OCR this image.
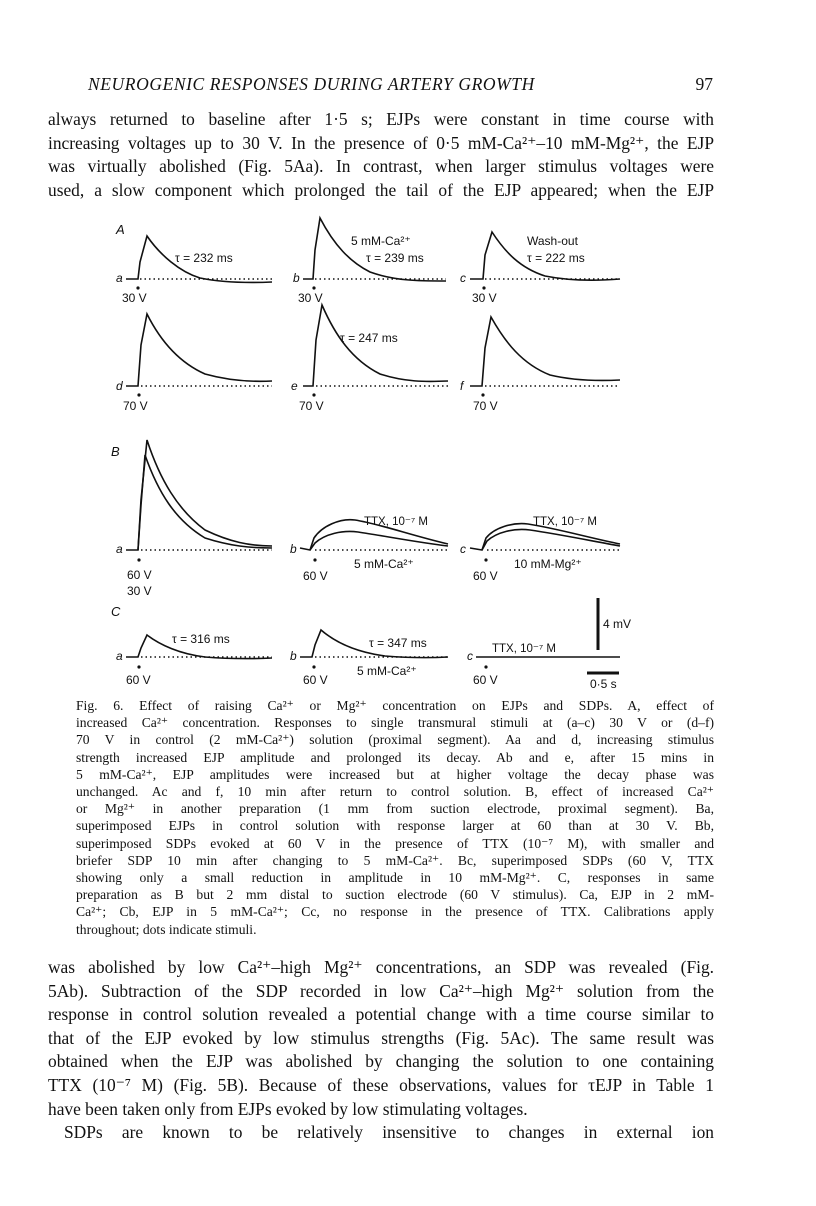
NEUROGENIC RESPONSES DURING ARTERY GROWTH	97

always returned to baseline after 1·5 s; EJPs were constant in time course with
increasing voltages up to 30 V. In the presence of 0·5 mM-Ca²⁺–10 mM-Mg²⁺, the EJP
was virtually abolished (Fig. 5Aa). In contrast, when larger stimulus voltages were
used, a slow component which prolonged the tail of the EJP appeared; when the EJP

A
B
C
a
τ = 232 ms
30 V
b
5 mM-Ca²⁺
τ = 239 ms
30 V
c
Wash-out
τ = 222 ms
30 V
d
70 V
e
τ = 247 ms
70 V
f
70 V
a
60 V
30 V
b
TTX, 10⁻⁷ M
5 mM-Ca²⁺
60 V
c
TTX, 10⁻⁷ M
10 mM-Mg²⁺
60 V
a
τ = 316 ms
60 V
b
τ = 347 ms
5 mM-Ca²⁺
60 V
c TTX, 10⁻⁷ M
60 V
4 mV
0·5 s

Fig. 6. Effect of raising Ca²⁺ or Mg²⁺ concentration on EJPs and SDPs. A, effect of
increased Ca²⁺ concentration. Responses to single transmural stimuli at (a–c) 30 V or (d–f)
70 V in control (2 mM-Ca²⁺) solution (proximal segment). Aa and d, increasing stimulus
strength increased EJP amplitude and prolonged its decay. Ab and e, after 15 mins in
5 mM-Ca²⁺, EJP amplitudes were increased but at higher voltage the decay phase was
unchanged. Ac and f, 10 min after return to control solution. B, effect of increased Ca²⁺
or Mg²⁺ in another preparation (1 mm from suction electrode, proximal segment). Ba,
superimposed EJPs in control solution with response larger at 60 than at 30 V. Bb,
superimposed SDPs evoked at 60 V in the presence of TTX (10⁻⁷ M), with smaller and
briefer SDP 10 min after changing to 5 mM-Ca²⁺. Bc, superimposed SDPs (60 V, TTX
showing only a small reduction in amplitude in 10 mM-Mg²⁺. C, responses in same
preparation as B but 2 mm distal to suction electrode (60 V stimulus). Ca, EJP in 2 mM-
Ca²⁺; Cb, EJP in 5 mM-Ca²⁺; Cc, no response in the presence of TTX. Calibrations apply
throughout; dots indicate stimuli.

was abolished by low Ca²⁺–high Mg²⁺ concentrations, an SDP was revealed (Fig.
5Ab). Subtraction of the SDP recorded in low Ca²⁺–high Mg²⁺ solution from the
response in control solution revealed a potential change with a time course similar to
that of the EJP evoked by low stimulus strengths (Fig. 5Ac). The same result was
obtained when the EJP was abolished by changing the solution to one containing
TTX (10⁻⁷ M) (Fig. 5B). Because of these observations, values for τEJP in Table 1
have been taken only from EJPs evoked by low stimulating voltages.
SDPs are known to be relatively insensitive to changes in external ion
